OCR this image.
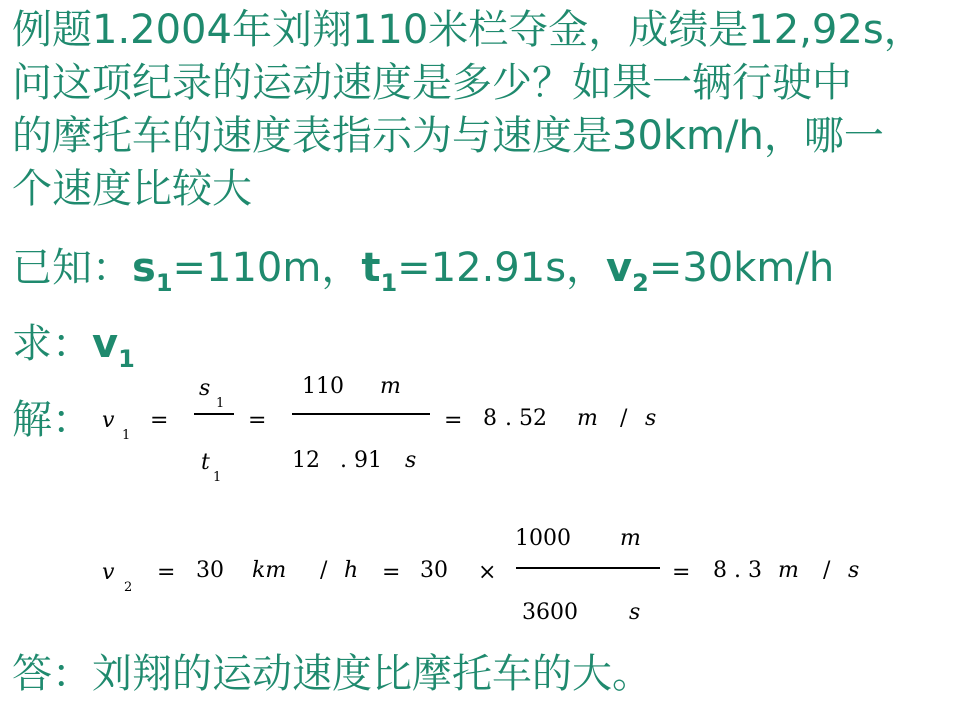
例题1.2004年刘翔110米栏夺金，成绩是12,92s，
问这项纪录的运动速度是多少？如果一辆行驶中
的摩托车的速度表指示为与速度是30km/h，哪一
个速度比较大
已知：$s_1=110m$，$t_1=12.91s$，$v_2=30km/h$
求：$v_1$
解： v
1
=
s
1
t
1
=
110 m
12 . 91 s
= 8 . 52 m / s
v
2
= 30 km / h = 30 ×
1000 m
3600 s
= 8 . 3 m / s
答：刘翔的运动速度比摩托车的大。
